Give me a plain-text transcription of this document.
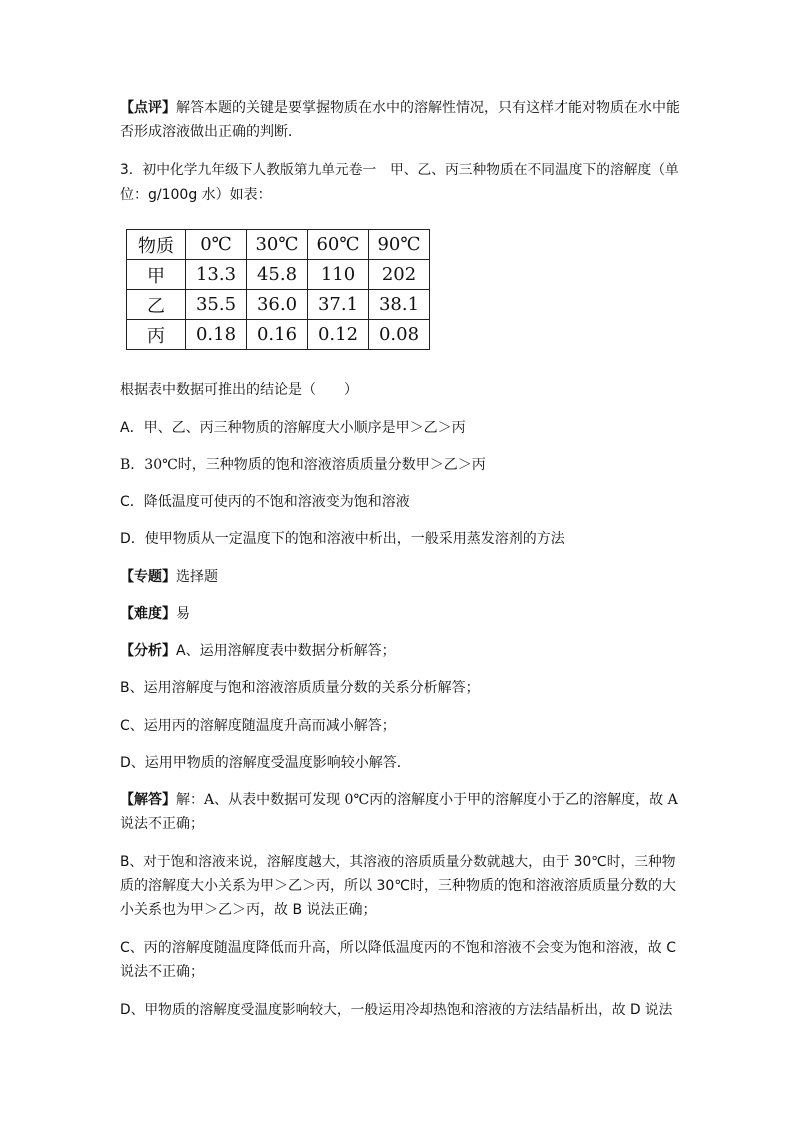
【点评】解答本题的关键是要掌握物质在水中的溶解性情况，只有这样才能对物质在水中能
否形成溶液做出正确的判断．
3．初中化学九年级下人教版第九单元卷一　甲、乙、丙三种物质在不同温度下的溶解度（单
位：g/100g 水）如表：
物质	0℃	30℃	60℃	90℃
甲	13.3	45.8	110	202
乙	35.5	36.0	37.1	38.1
丙	0.18	0.16	0.12	0.08
根据表中数据可推出的结论是（　　）
A．甲、乙、丙三种物质的溶解度大小顺序是甲＞乙＞丙
B．30℃时，三种物质的饱和溶液溶质质量分数甲＞乙＞丙
C．降低温度可使丙的不饱和溶液变为饱和溶液
D．使甲物质从一定温度下的饱和溶液中析出，一般采用蒸发溶剂的方法
【专题】选择题
【难度】易
【分析】A、运用溶解度表中数据分析解答；
B、运用溶解度与饱和溶液溶质质量分数的关系分析解答；
C、运用丙的溶解度随温度升高而减小解答；
D、运用甲物质的溶解度受温度影响较小解答．
【解答】解：A、从表中数据可发现 0℃丙的溶解度小于甲的溶解度小于乙的溶解度，故 A
说法不正确；
B、对于饱和溶液来说，溶解度越大，其溶液的溶质质量分数就越大，由于 30℃时，三种物
质的溶解度大小关系为甲＞乙＞丙，所以 30℃时，三种物质的饱和溶液溶质质量分数的大
小关系也为甲＞乙＞丙，故 B 说法正确；
C、丙的溶解度随温度降低而升高，所以降低温度丙的不饱和溶液不会变为饱和溶液，故 C
说法不正确；
D、甲物质的溶解度受温度影响较大，一般运用冷却热饱和溶液的方法结晶析出，故 D 说法
